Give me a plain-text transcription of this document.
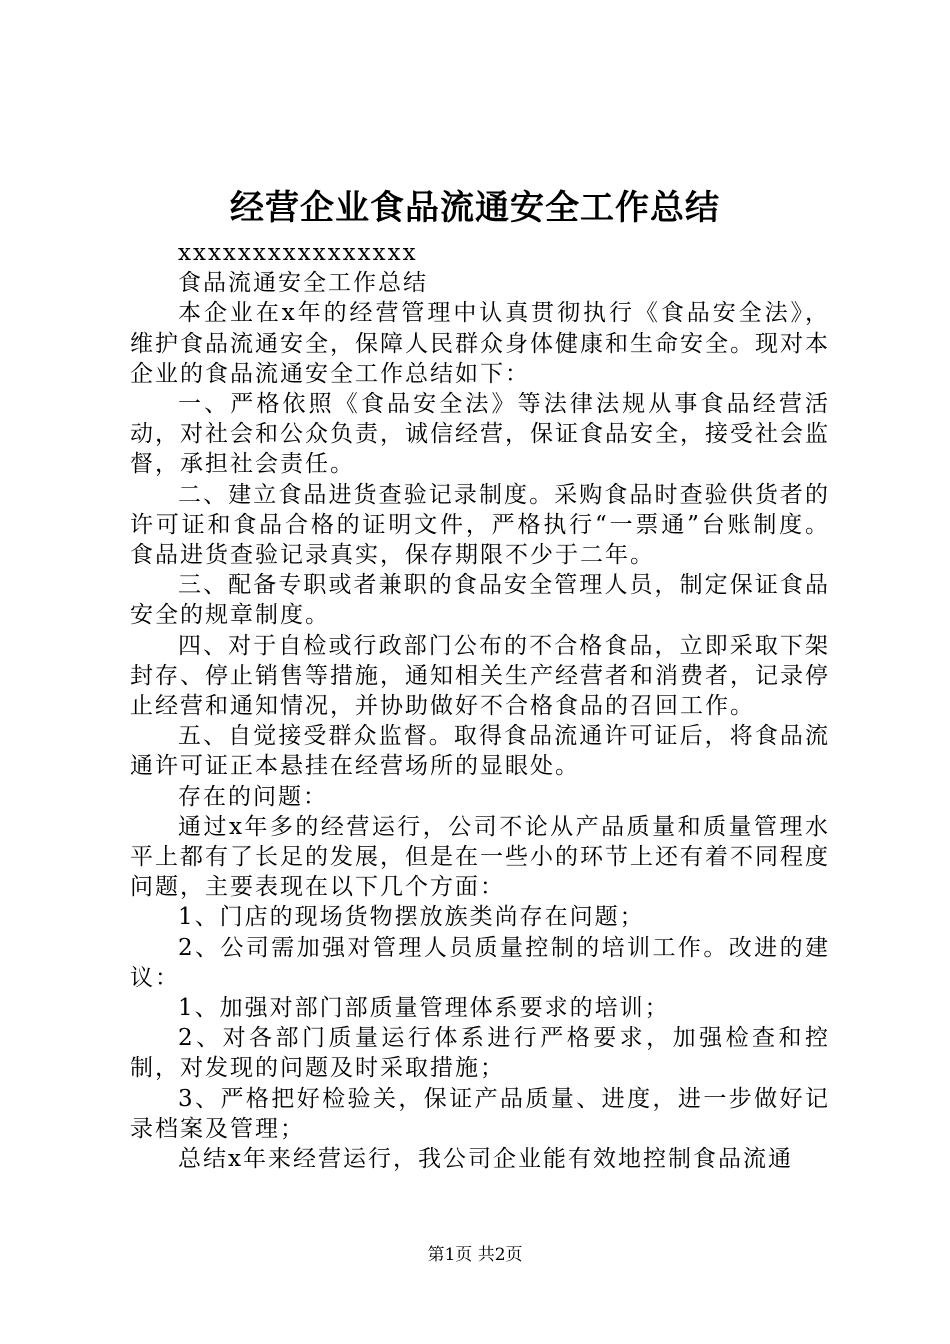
经营企业食品流通安全工作总结

xxxxxxxxxxxxxxxx

食品流通安全工作总结

本企业在x年的经营管理中认真贯彻执行《食品安全法》，维护食品流通安全，保障人民群众身体健康和生命安全。现对本企业的食品流通安全工作总结如下：

一、严格依照《食品安全法》等法律法规从事食品经营活动，对社会和公众负责，诚信经营，保证食品安全，接受社会监督，承担社会责任。

二、建立食品进货查验记录制度。采购食品时查验供货者的许可证和食品合格的证明文件，严格执行“一票通”台账制度。食品进货查验记录真实，保存期限不少于二年。

三、配备专职或者兼职的食品安全管理人员，制定保证食品安全的规章制度。

四、对于自检或行政部门公布的不合格食品，立即采取下架封存、停止销售等措施，通知相关生产经营者和消费者，记录停止经营和通知情况，并协助做好不合格食品的召回工作。

五、自觉接受群众监督。取得食品流通许可证后，将食品流通许可证正本悬挂在经营场所的显眼处。

存在的问题：

通过x年多的经营运行，公司不论从产品质量和质量管理水平上都有了长足的发展，但是在一些小的环节上还有着不同程度问题，主要表现在以下几个方面：

1、门店的现场货物摆放族类尚存在问题；

2、公司需加强对管理人员质量控制的培训工作。改进的建议：

1、加强对部门部质量管理体系要求的培训；

2、对各部门质量运行体系进行严格要求，加强检查和控制，对发现的问题及时采取措施；

3、严格把好检验关，保证产品质量、进度，进一步做好记录档案及管理；

总结x年来经营运行，我公司企业能有效地控制食品流通

第1页 共2页
